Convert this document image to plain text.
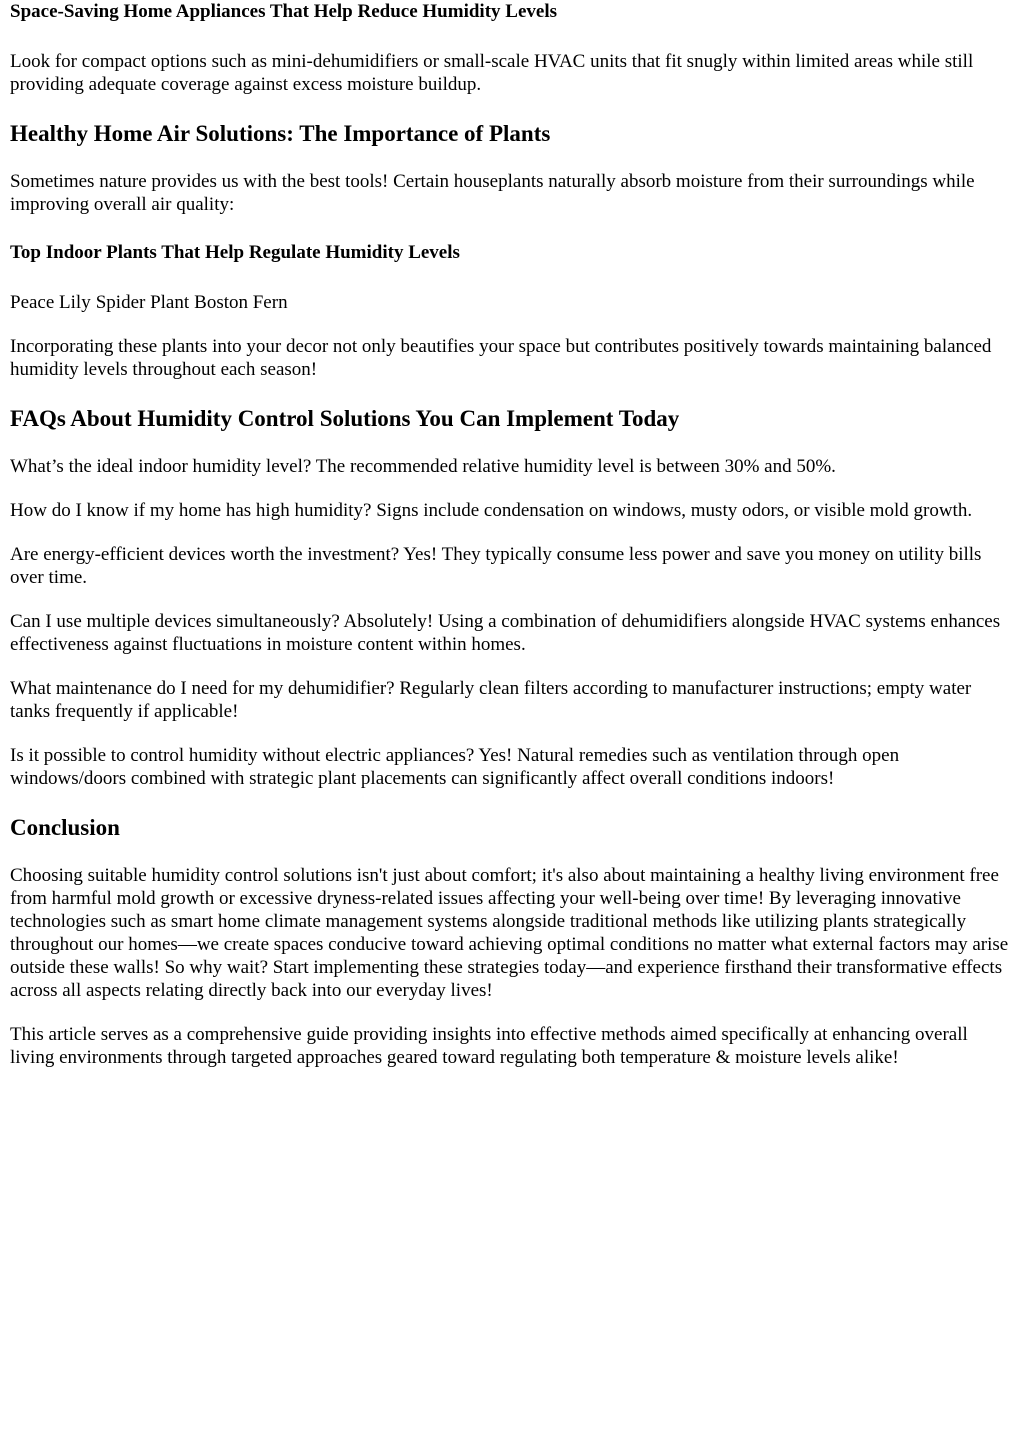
Space-Saving Home Appliances That Help Reduce Humidity Levels

Look for compact options such as mini-dehumidifiers or small-scale HVAC units that fit snugly within limited areas while still providing adequate coverage against excess moisture buildup.

Healthy Home Air Solutions: The Importance of Plants

Sometimes nature provides us with the best tools! Certain houseplants naturally absorb moisture from their surroundings while improving overall air quality:

Top Indoor Plants That Help Regulate Humidity Levels
Peace Lily Spider Plant Boston Fern

Incorporating these plants into your decor not only beautifies your space but contributes positively towards maintaining balanced humidity levels throughout each season!

FAQs About Humidity Control Solutions You Can Implement Today

What’s the ideal indoor humidity level? The recommended relative humidity level is between 30% and 50%.

How do I know if my home has high humidity? Signs include condensation on windows, musty odors, or visible mold growth.

Are energy-efficient devices worth the investment? Yes! They typically consume less power and save you money on utility bills over time.

Can I use multiple devices simultaneously? Absolutely! Using a combination of dehumidifiers alongside HVAC systems enhances effectiveness against fluctuations in moisture content within homes.

What maintenance do I need for my dehumidifier? Regularly clean filters according to manufacturer instructions; empty water tanks frequently if applicable!

Is it possible to control humidity without electric appliances? Yes! Natural remedies such as ventilation through open windows/doors combined with strategic plant placements can significantly affect overall conditions indoors!

Conclusion

Choosing suitable humidity control solutions isn't just about comfort; it's also about maintaining a healthy living environment free from harmful mold growth or excessive dryness-related issues affecting your well-being over time! By leveraging innovative technologies such as smart home climate management systems alongside traditional methods like utilizing plants strategically throughout our homes—we create spaces conducive toward achieving optimal conditions no matter what external factors may arise outside these walls! So why wait? Start implementing these strategies today—and experience firsthand their transformative effects across all aspects relating directly back into our everyday lives!

This article serves as a comprehensive guide providing insights into effective methods aimed specifically at enhancing overall living environments through targeted approaches geared toward regulating both temperature & moisture levels alike!
